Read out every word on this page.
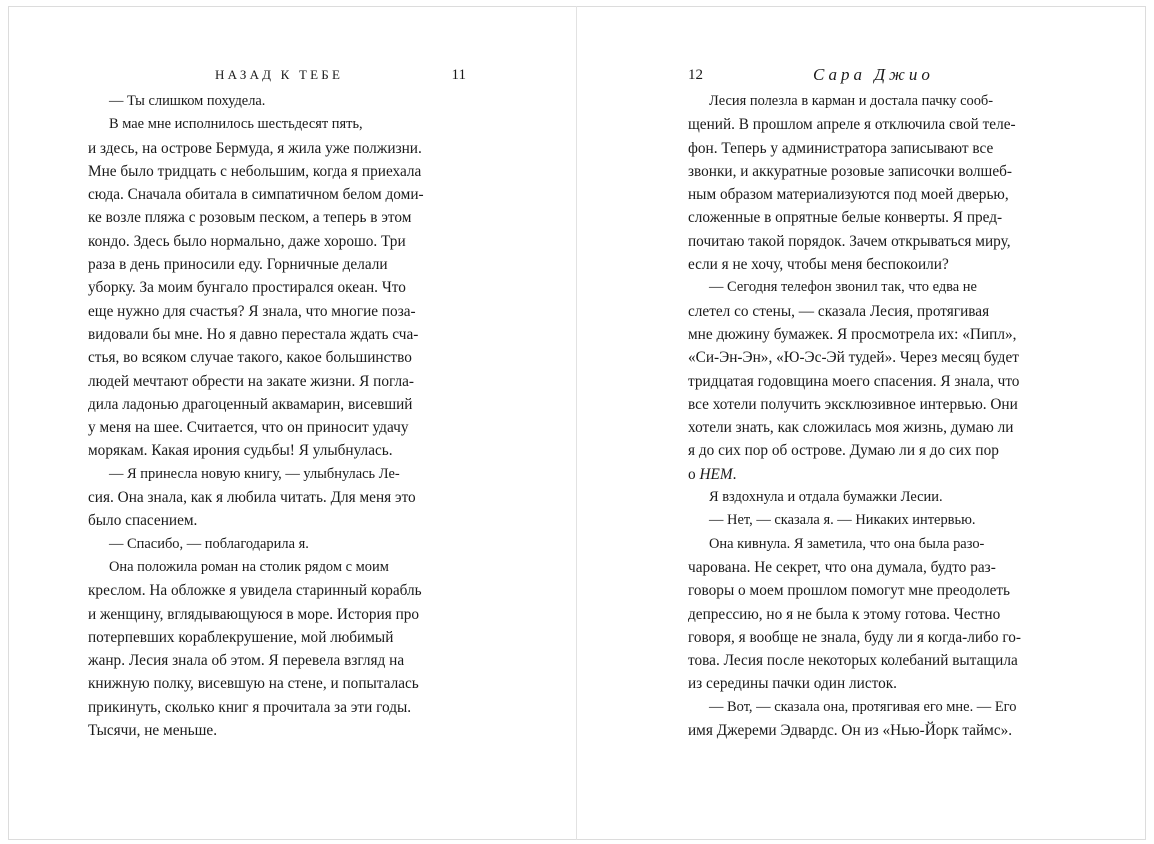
НАЗАД К ТЕБЕ	11
— Ты слишком похудела.
В мае мне исполнилось шестьдесят пять,
и здесь, на острове Бермуда, я жила уже полжизни.
Мне было тридцать с небольшим, когда я приехала
сюда. Сначала обитала в симпатичном белом доми-
ке возле пляжа с розовым песком, а теперь в этом
кондо. Здесь было нормально, даже хорошо. Три
раза в день приносили еду. Горничные делали
уборку. За моим бунгало простирался океан. Что
еще нужно для счастья? Я знала, что многие поза-
видовали бы мне. Но я давно перестала ждать сча-
стья, во всяком случае такого, какое большинство
людей мечтают обрести на закате жизни. Я погла-
дила ладонью драгоценный аквамарин, висевший
у меня на шее. Считается, что он приносит удачу
морякам. Какая ирония судьбы! Я улыбнулась.
— Я принесла новую книгу, — улыбнулась Ле-
сия. Она знала, как я любила читать. Для меня это
было спасением.
— Спасибо, — поблагодарила я.
Она положила роман на столик рядом с моим
креслом. На обложке я увидела старинный корабль
и женщину, вглядывающуюся в море. История про
потерпевших кораблекрушение, мой любимый
жанр. Лесия знала об этом. Я перевела взгляд на
книжную полку, висевшую на стене, и попыталась
прикинуть, сколько книг я прочитала за эти годы.
Тысячи, не меньше.
12	Сара Джио
Лесия полезла в карман и достала пачку сооб-
щений. В прошлом апреле я отключила свой теле-
фон. Теперь у администратора записывают все
звонки, и аккуратные розовые записочки волшеб-
ным образом материализуются под моей дверью,
сложенные в опрятные белые конверты. Я пред-
почитаю такой порядок. Зачем открываться миру,
если я не хочу, чтобы меня беспокоили?
— Сегодня телефон звонил так, что едва не
слетел со стены, — сказала Лесия, протягивая
мне дюжину бумажек. Я просмотрела их: «Пипл»,
«Си-Эн-Эн», «Ю-Эс-Эй тудей». Через месяц будет
тридцатая годовщина моего спасения. Я знала, что
все хотели получить эксклюзивное интервью. Они
хотели знать, как сложилась моя жизнь, думаю ли
я до сих пор об острове. Думаю ли я до сих пор
о НЕМ.
Я вздохнула и отдала бумажки Лесии.
— Нет, — сказала я. — Никаких интервью.
Она кивнула. Я заметила, что она была разо-
чарована. Не секрет, что она думала, будто раз-
говоры о моем прошлом помогут мне преодолеть
депрессию, но я не была к этому готова. Честно
говоря, я вообще не знала, буду ли я когда-либо го-
това. Лесия после некоторых колебаний вытащила
из середины пачки один листок.
— Вот, — сказала она, протягивая его мне. — Его
имя Джереми Эдвардс. Он из «Нью-Йорк таймс».
